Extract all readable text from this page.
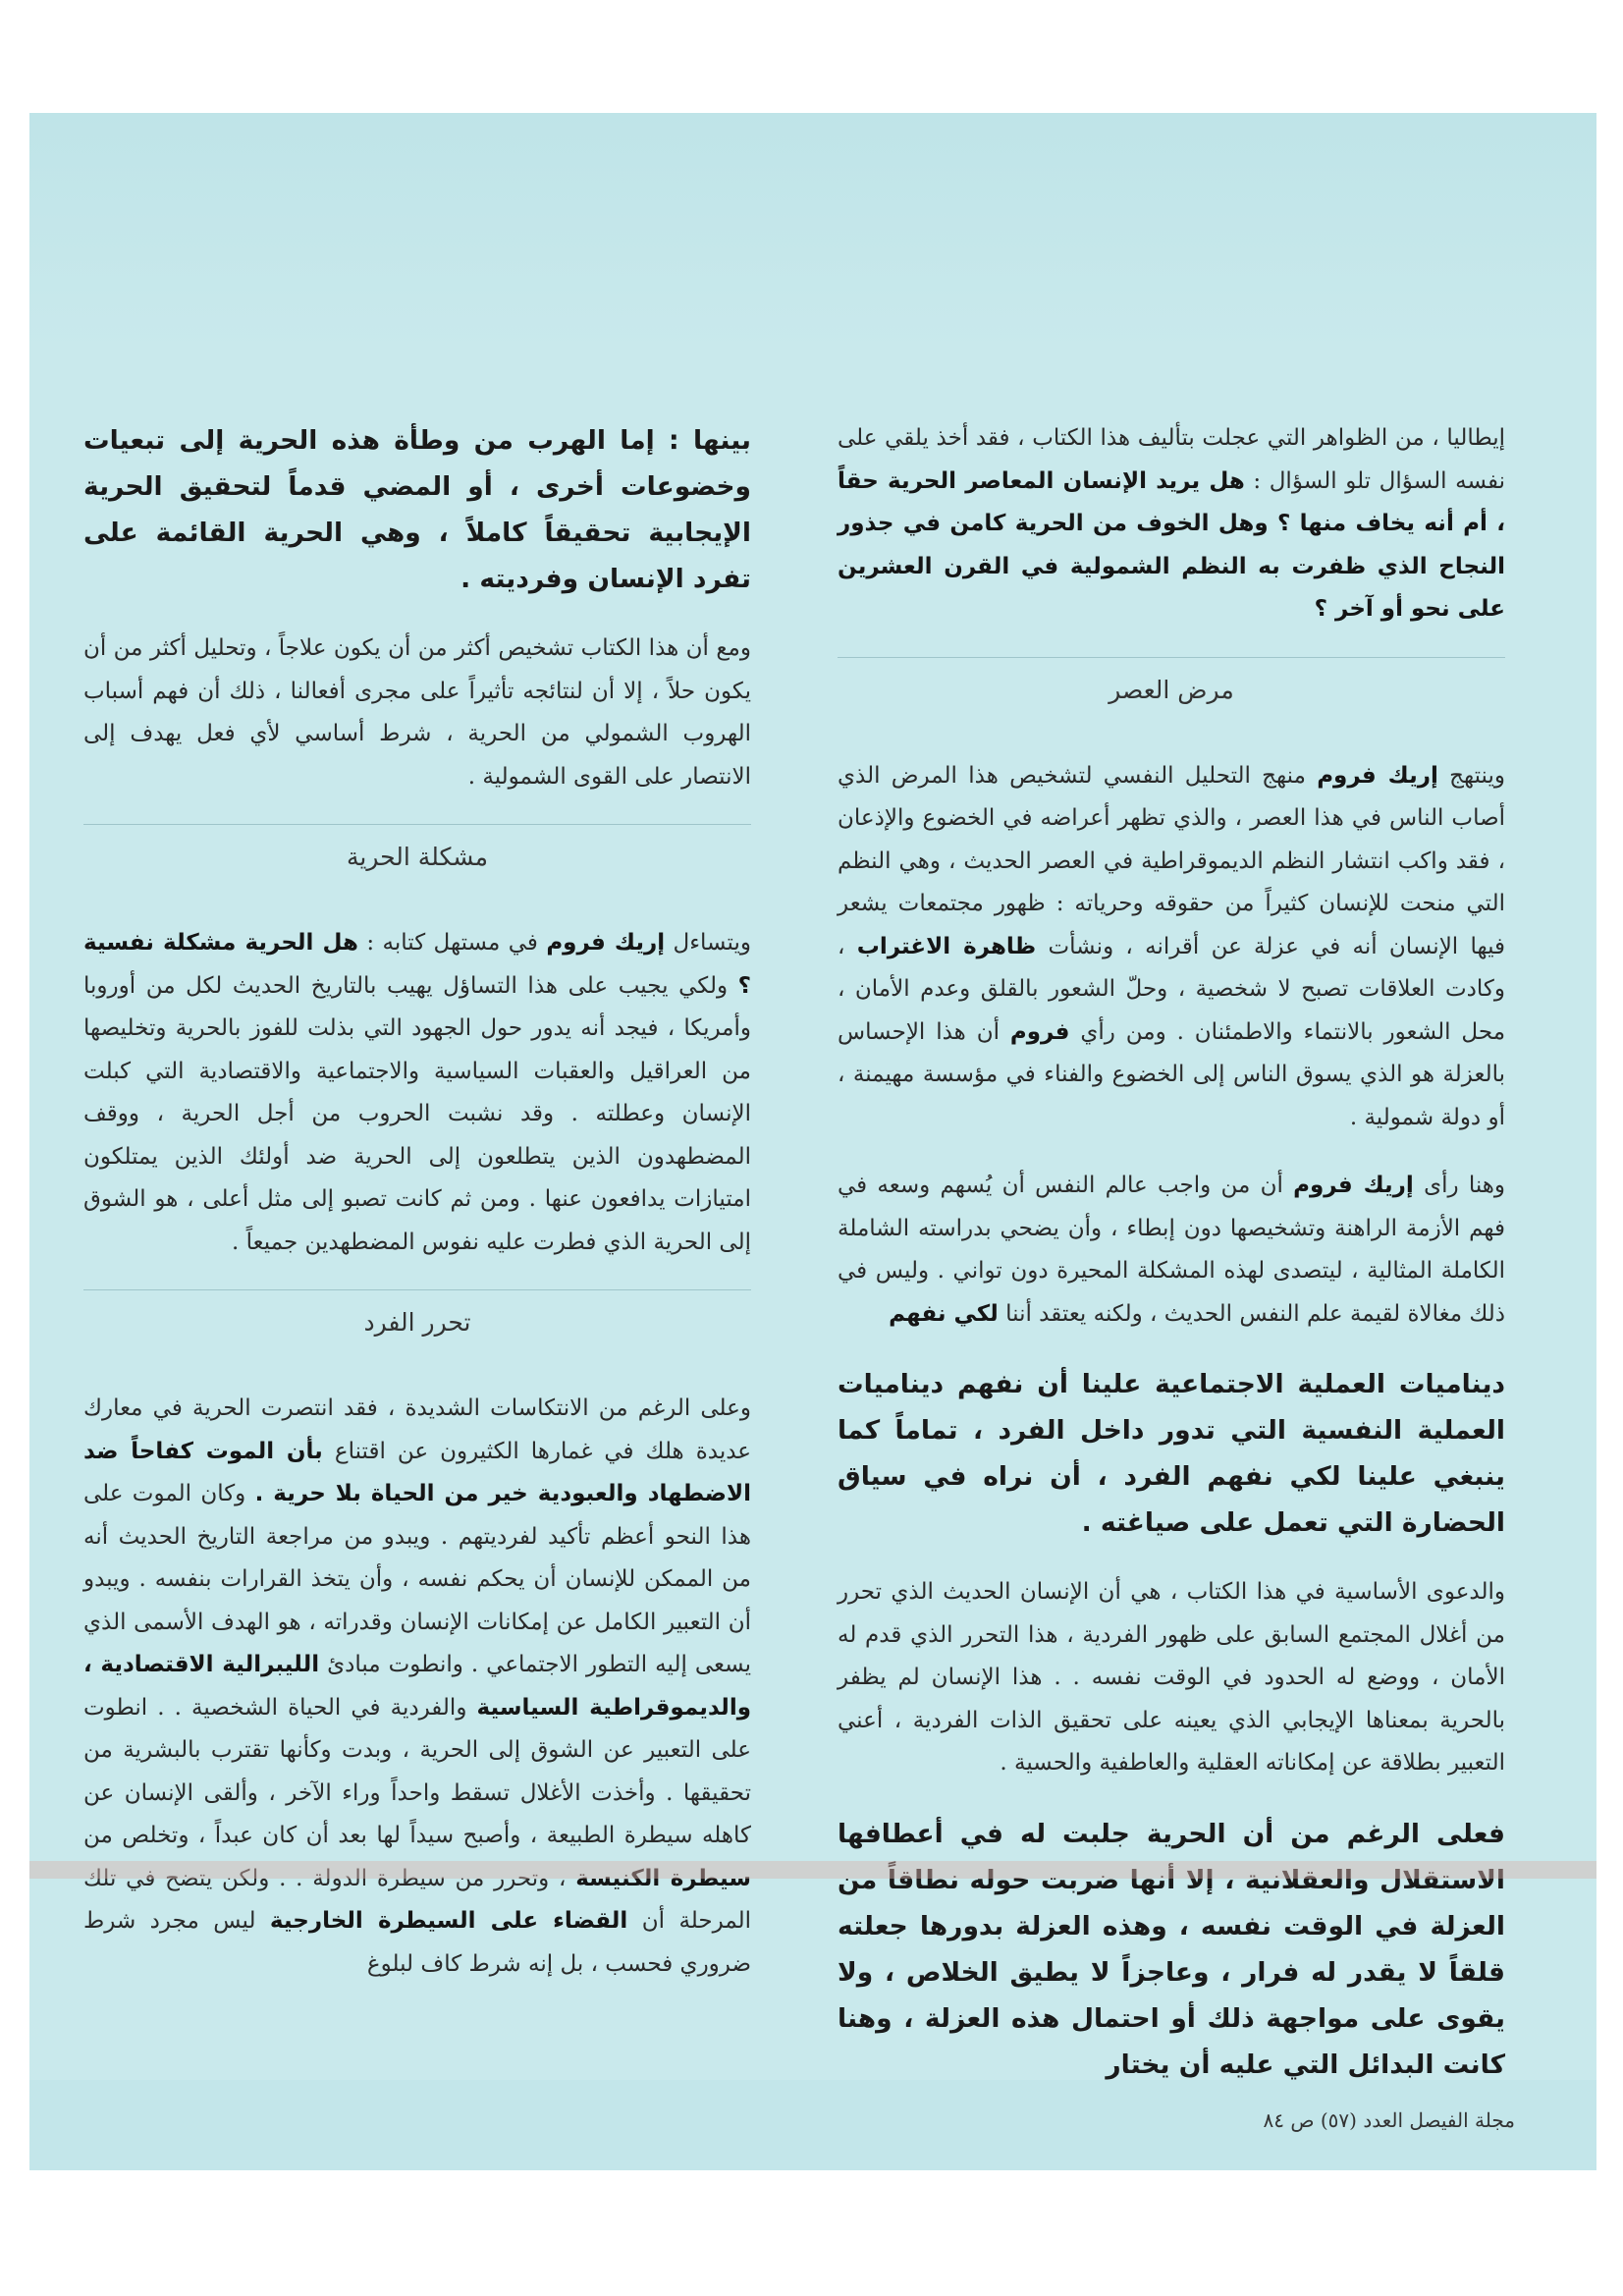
إيطاليا ، من الظواهر التي عجلت بتأليف هذا الكتاب ، فقد أخذ يلقي على نفسه السؤال تلو السؤال : هل يريد الإنسان المعاصر الحرية حقاً ، أم أنه يخاف منها ؟ وهل الخوف من الحرية كامن في جذور النجاح الذي ظفرت به النظم الشمولية في القرن العشرين على نحو أو آخر ؟

مرض العصر

وينتهج إريك فروم منهج التحليل النفسي لتشخيص هذا المرض الذي أصاب الناس في هذا العصر ، والذي تظهر أعراضه في الخضوع والإذعان ، فقد واكب انتشار النظم الديموقراطية في العصر الحديث ، وهي النظم التي منحت للإنسان كثيراً من حقوقه وحرياته : ظهور مجتمعات يشعر فيها الإنسان أنه في عزلة عن أقرانه ، ونشأت ظاهرة الاغتراب ، وكادت العلاقات تصبح لا شخصية ، وحلّ الشعور بالقلق وعدم الأمان ، محل الشعور بالانتماء والاطمئنان . ومن رأي فروم أن هذا الإحساس بالعزلة هو الذي يسوق الناس إلى الخضوع والفناء في مؤسسة مهيمنة ، أو دولة شمولية .

وهنا رأى إريك فروم أن من واجب عالم النفس أن يُسهم وسعه في فهم الأزمة الراهنة وتشخيصها دون إبطاء ، وأن يضحي بدراسته الشاملة الكاملة المثالية ، ليتصدى لهذه المشكلة المحيرة دون تواني . وليس في ذلك مغالاة لقيمة علم النفس الحديث ، ولكنه يعتقد أننا لكي نفهم

ديناميات العملية الاجتماعية علينا أن نفهم ديناميات العملية النفسية التي تدور داخل الفرد ، تماماً كما ينبغي علينا لكي نفهم الفرد ، أن نراه في سياق الحضارة التي تعمل على صياغته .

والدعوى الأساسية في هذا الكتاب ، هي أن الإنسان الحديث الذي تحرر من أغلال المجتمع السابق على ظهور الفردية ، هذا التحرر الذي قدم له الأمان ، ووضع له الحدود في الوقت نفسه . . هذا الإنسان لم يظفر بالحرية بمعناها الإيجابي الذي يعينه على تحقيق الذات الفردية ، أعني التعبير بطلاقة عن إمكاناته العقلية والعاطفية والحسية .

فعلى الرغم من أن الحرية جلبت له في أعطافها الاستقلال والعقلانية ، إلا أنها ضربت حوله نطاقاً من العزلة في الوقت نفسه ، وهذه العزلة بدورها جعلته قلقاً لا يقدر له فرار ، وعاجزاً لا يطيق الخلاص ، ولا يقوى على مواجهة ذلك أو احتمال هذه العزلة ، وهنا كانت البدائل التي عليه أن يختار

بينها : إما الهرب من وطأة هذه الحرية إلى تبعيات وخضوعات أخرى ، أو المضي قدماً لتحقيق الحرية الإيجابية تحقيقاً كاملاً ، وهي الحرية القائمة على تفرد الإنسان وفرديته .

ومع أن هذا الكتاب تشخيص أكثر من أن يكون علاجاً ، وتحليل أكثر من أن يكون حلاً ، إلا أن لنتائجه تأثيراً على مجرى أفعالنا ، ذلك أن فهم أسباب الهروب الشمولي من الحرية ، شرط أساسي لأي فعل يهدف إلى الانتصار على القوى الشمولية .

مشكلة الحرية

ويتساءل إريك فروم في مستهل كتابه : هل الحرية مشكلة نفسية ؟ ولكي يجيب على هذا التساؤل يهيب بالتاريخ الحديث لكل من أوروبا وأمريكا ، فيجد أنه يدور حول الجهود التي بذلت للفوز بالحرية وتخليصها من العراقيل والعقبات السياسية والاجتماعية والاقتصادية التي كبلت الإنسان وعطلته . وقد نشبت الحروب من أجل الحرية ، ووقف المضطهدون الذين يتطلعون إلى الحرية ضد أولئك الذين يمتلكون امتيازات يدافعون عنها . ومن ثم كانت تصبو إلى مثل أعلى ، هو الشوق إلى الحرية الذي فطرت عليه نفوس المضطهدين جميعاً .

تحرر الفرد

وعلى الرغم من الانتكاسات الشديدة ، فقد انتصرت الحرية في معارك عديدة هلك في غمارها الكثيرون عن اقتناع بأن الموت كفاحاً ضد الاضطهاد والعبودية خير من الحياة بلا حرية . وكان الموت على هذا النحو أعظم تأكيد لفرديتهم . ويبدو من مراجعة التاريخ الحديث أنه من الممكن للإنسان أن يحكم نفسه ، وأن يتخذ القرارات بنفسه . ويبدو أن التعبير الكامل عن إمكانات الإنسان وقدراته ، هو الهدف الأسمى الذي يسعى إليه التطور الاجتماعي . وانطوت مبادئ الليبرالية الاقتصادية ، والديموقراطية السياسية والفردية في الحياة الشخصية . . انطوت على التعبير عن الشوق إلى الحرية ، وبدت وكأنها تقترب بالبشرية من تحقيقها . وأخذت الأغلال تسقط واحداً وراء الآخر ، وألقى الإنسان عن كاهله سيطرة الطبيعة ، وأصبح سيداً لها بعد أن كان عبداً ، وتخلص من سيطرة الكنيسة ، وتحرر من سيطرة الدولة . . ولكن يتضح في تلك المرحلة أن القضاء على السيطرة الخارجية ليس مجرد شرط ضروري فحسب ، بل إنه شرط كاف لبلوغ

مجلة الفيصل العدد (٥٧) ص ٨٤
